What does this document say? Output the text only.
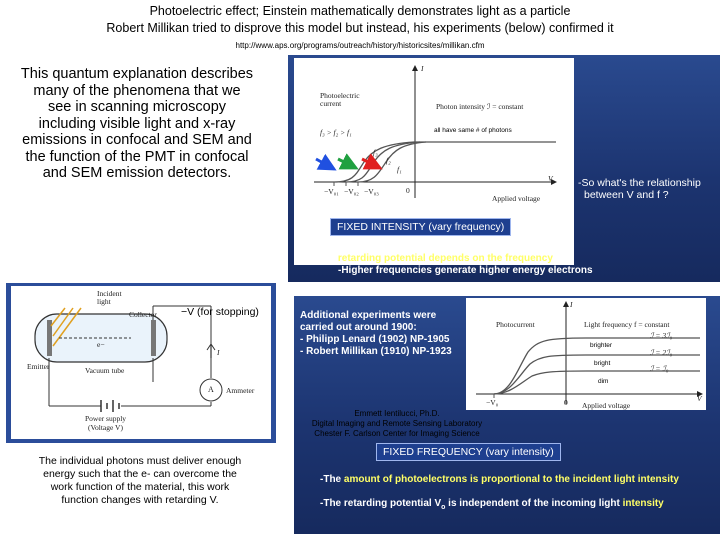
Photoelectric effect; Einstein mathematically demonstrates light as a particle
Robert Millikan tried to disprove this model but instead, his experiments (below) confirmed it
http://www.aps.org/programs/outreach/history/historicsites/millikan.cfm
This quantum explanation describes
many of the phenomena that we
see in scanning microscopy
including visible light and x-ray
emissions in confocal and SEM and
the function of the PMT in confocal
and SEM emission detectors.
I
Photoelectric
current	Photon intensity ℐ = constant
f₃ > f₂ > f₁	all have same # of photons
f₃
f₂
f₁
−V₀₁ −V₀₂ −V₀₃	0
V
Applied voltage
-So what's the relationship
between V and f ?
FIXED INTENSITY (vary frequency)
-The retarding potential depends on the frequency
-Higher frequencies generate higher energy electrons
Incident
light
Collector −V (for stopping)
Emitter
e−
Vacuum tube
I
A Ammeter
Power supply
(Voltage V)
The individual photons must deliver enough
energy such that the e- can overcome the
work function of the material, this work
function changes with retarding V.
Additional experiments were
carried out around 1900:
- Philipp Lenard (1902) NP-1905
- Robert Millikan (1910) NP-1923
I
Photocurrent	Light frequency f = constant
ℐ = 3ℐ₀
ℐ = 2ℐ₀
ℐ = ℐ₀
brighter
bright
dim
−V₀	0 Applied voltage
V
FIXED FREQUENCY (vary intensity)
-The amount of photoelectrons is proportional to the incident light intensity
-The retarding potential $V_o$ is independent of the incoming light intensity
Emmett Ientilucci, Ph.D.
Digital Imaging and Remote Sensing Laboratory
Chester F. Carlson Center for Imaging Science
